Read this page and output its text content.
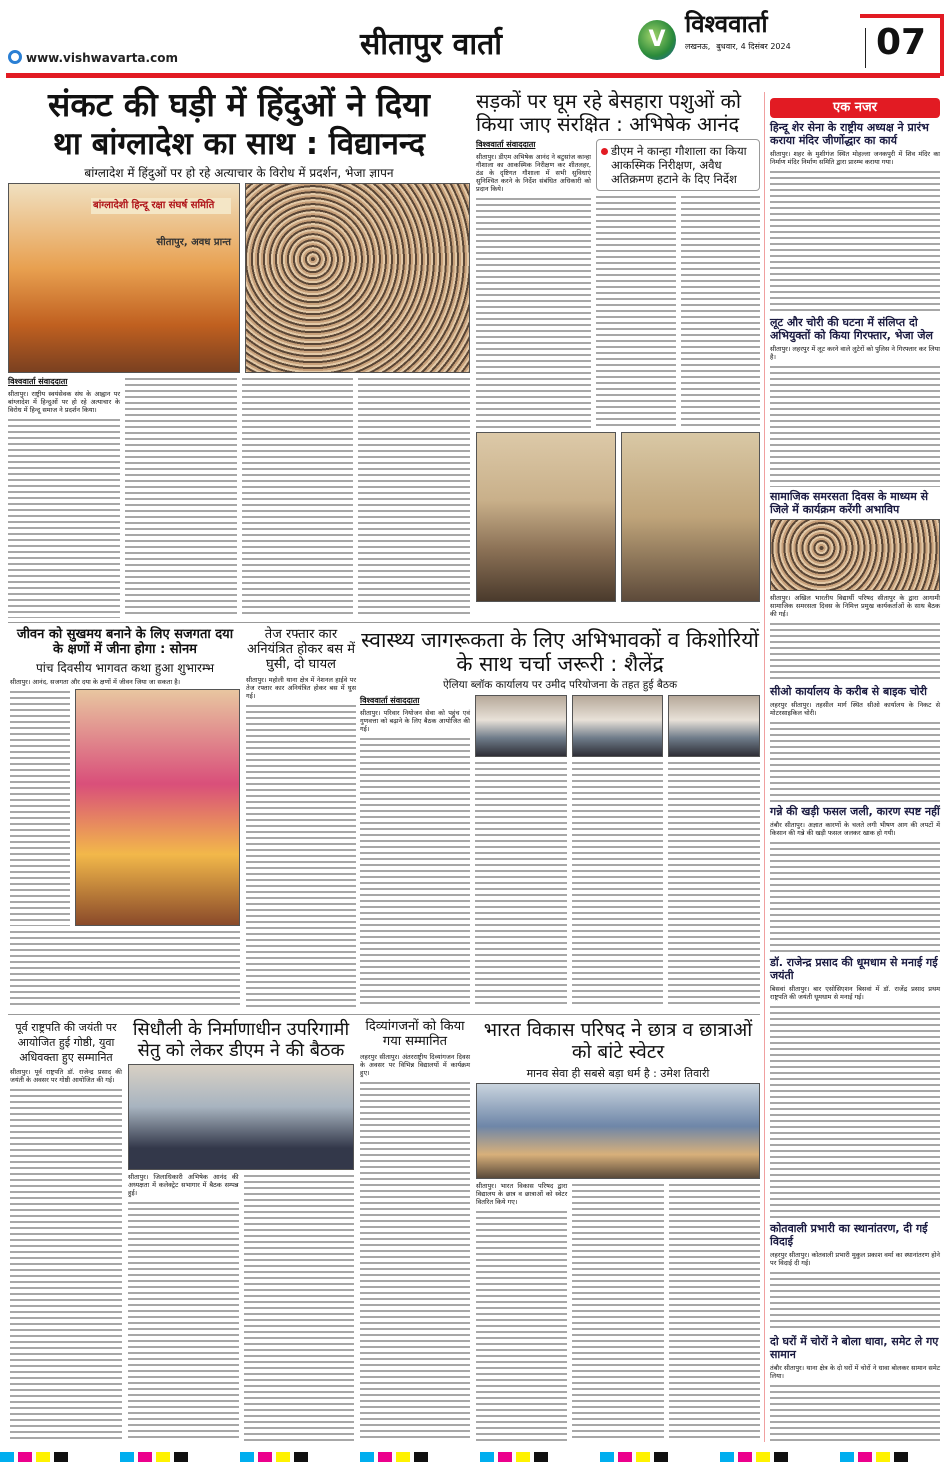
www.vishwavarta.com	सीतापुर वार्ता	V
विश्ववार्ता
लखनऊ, बुधवार, 4 दिसंबर 2024 07
संकट की घड़ी में हिंदुओं ने दिया
था बांग्लादेश का साथ : विद्यानन्द
बांग्लादेश में हिंदुओं पर हो रहे अत्याचार के विरोध में प्रदर्शन, भेजा ज्ञापन
बांग्लादेशी हिन्दू रक्षा संघर्ष समिति
सीतापुर, अवध प्रान्त
विश्ववार्ता संवाददाता
सीतापुर। राष्ट्रीय स्वयंसेवक संघ के आह्वान पर बांग्लादेश में हिन्दुओं पर हो रहे अत्याचार के विरोध में हिन्दू समाज ने प्रदर्शन किया।
सड़कों पर घूम रहे बेसहारा पशुओं को किया जाए संरक्षित : अभिषेक आनंद
विश्ववार्ता संवाददाता
सीतापुर। डीएम अभिषेक आनंद ने बटुसांज कान्हा गौशाला का आकस्मिक निरीक्षण कर शीतलहर, ठंड के दृष्टिगत गौशाला में सभी सुविधाएं सुनिश्चित करने के निर्देश संबंधित अधिकारी को प्रदान किये।
डीएम ने कान्हा गौशाला का किया आकस्मिक निरीक्षण, अवैध अतिक्रमण हटाने के दिए निर्देश
एक नजर
हिन्दू शेर सेना के राष्ट्रीय अध्यक्ष ने प्रारंभ कराया मंदिर जीर्णोद्धार का कार्य
सीतापुर। शहर के मुशीगंज स्थित मोहल्ला जनकपुरी में शिव मंदिर का निर्माण मंदिर निर्माण समिति द्वारा प्रारम्भ कराया गया।
लूट और चोरी की घटना में संलिप्त दो अभियुक्तों को किया गिरफ्तार, भेजा जेल
सीतापुर। लहरपुर में लूट करने वाले लुटेरों को पुलिस ने गिरफ्तार कर लिया है।
सामाजिक समरसता दिवस के माध्यम से जिले में कार्यक्रम करेंगी अभाविप
सीतापुर। अखिल भारतीय विद्यार्थी परिषद सीतापुर के द्वारा आगामी सामाजिक समरसता दिवस के निमित्त प्रमुख कार्यकर्ताओं के साथ बैठक की गई।
सीओ कार्यालय के करीब से बाइक चोरी
लहरपुर सीतापुर। तहसील मार्ग स्थित सीओ कार्यालय के निकट से मोटरसाइकिल चोरी।
गन्ने की खड़ी फसल जली, कारण स्पष्ट नहीं
तंबौर सीतापुर। अज्ञात कारणों के चलते लगी भीषण आग की लपटों में किसान की गन्ने की खड़ी फसल जलकर खाक हो गयी।
डॉ. राजेन्द्र प्रसाद की धूमधाम से मनाई गई जयंती
बिसवां सीतापुर। बार एसोसिएशन बिसवां में डॉ. राजेंद्र प्रसाद प्रथम राष्ट्रपति की जयंती धूमधाम से मनाई गई।
कोतवाली प्रभारी का स्थानांतरण, दी गई विदाई
लहरपुर सीतापुर। कोतवाली प्रभारी मुकुल प्रकाश वर्मा का स्थानांतरण होने पर विदाई दी गई।
दो घरों में चोरों ने बोला धावा, समेट ले गए सामान
तंबौर सीतापुर। थाना क्षेत्र के दो घरों में चोरों ने धावा बोलकर सामान समेट लिया।
जीवन को सुखमय बनाने के लिए सजगता दया के क्षणों में जीना होगा : सोनम
पांच दिवसीय भागवत कथा हुआ शुभारम्भ
सीतापुर। आनंद, सजगता और दया के क्षणों में जीवन जिया जा सकता है।
तेज रफ्तार कार अनियंत्रित होकर बस में घुसी, दो घायल
सीतापुर। महोली थाना क्षेत्र में नेशनल हाईवे पर तेज रफ्तार कार अनियंत्रित होकर बस में घुस गई।
स्वास्थ्य जागरूकता के लिए अभिभावकों व किशोरियों के साथ चर्चा जरूरी : शैलेंद्र
ऐलिया ब्लॉक कार्यालय पर उमीद परियोजना के तहत हुई बैठक
विश्ववार्ता संवाददाता
सीतापुर। परिवार नियोजन सेवा को पहुंच एवं गुणवत्ता को बढ़ाने के लिए बैठक आयोजित की गई।
पूर्व राष्ट्रपति की जयंती पर आयोजित हुई गोष्ठी, युवा अधिवक्ता हुए सम्मानित
सीतापुर। पूर्व राष्ट्रपति डॉ. राजेन्द्र प्रसाद की जयंती के अवसर पर गोष्ठी आयोजित की गई।
सिधौली के निर्माणाधीन उपरिगामी सेतु को लेकर डीएम ने की बैठक
सीतापुर। जिलाधिकारी अभिषेक आनंद की अध्यक्षता में कलेक्ट्रेट सभागार में बैठक सम्पन्न हुई।
दिव्यांगजनों को किया गया सम्मानित
लहरपुर सीतापुर। अंतरराष्ट्रीय दिव्यांगजन दिवस के अवसर पर विभिन्न विद्यालयों में कार्यक्रम हुए।
भारत विकास परिषद ने छात्र व छात्राओं को बांटे स्वेटर
मानव सेवा ही सबसे बड़ा धर्म है : उमेश तिवारी
सीतापुर। भारत विकास परिषद द्वारा विद्यालय के छात्र व छात्राओं को स्वेटर वितरित किये गए।
